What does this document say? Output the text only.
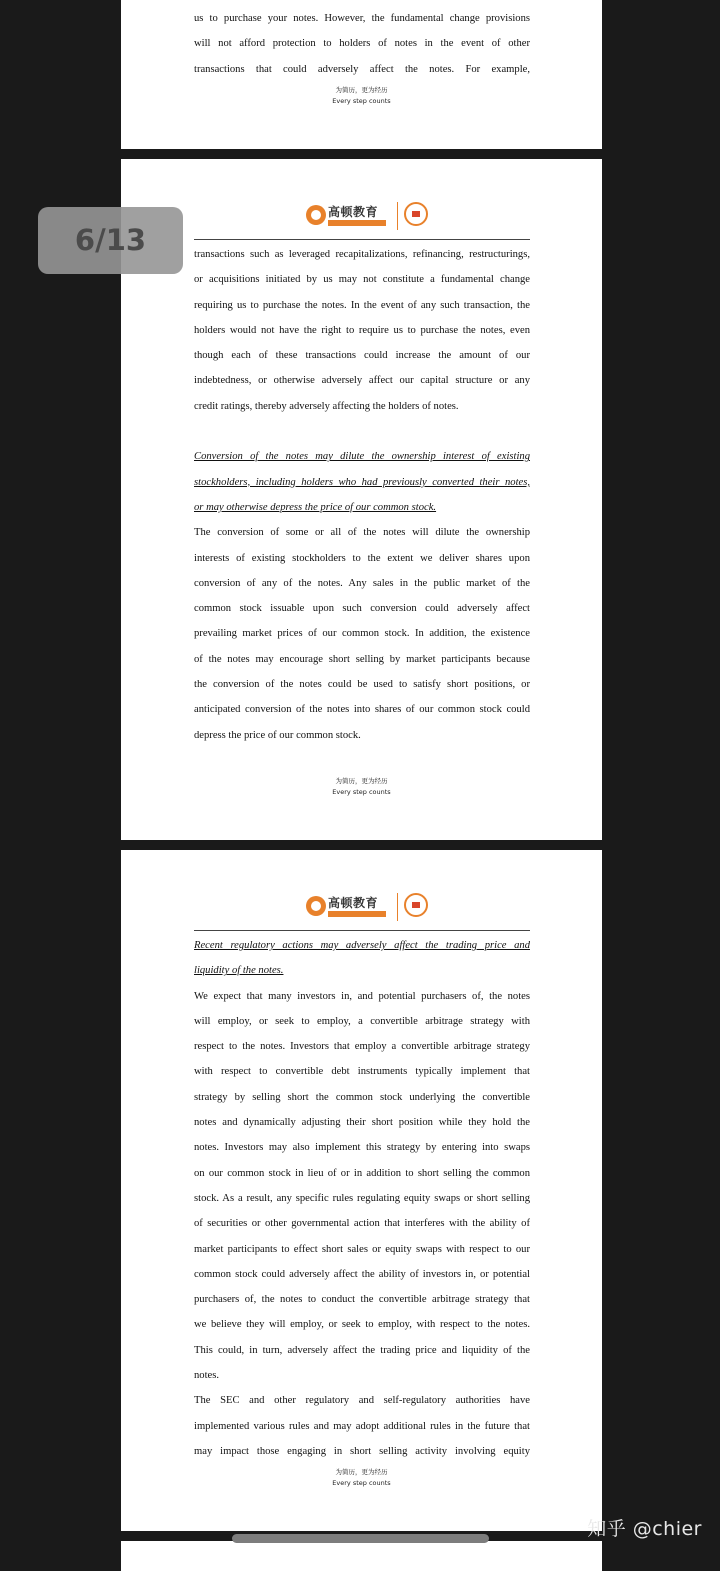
us to purchase your notes. However, the fundamental change provisions
will not afford protection to holders of notes in the event of other
transactions that could adversely affect the notes. For example,
为简历，更为经历
Every step counts
高顿教育
transactions such as leveraged recapitalizations, refinancing, restructurings,
or acquisitions initiated by us may not constitute a fundamental change
requiring us to purchase the notes. In the event of any such transaction, the
holders would not have the right to require us to purchase the notes, even
though each of these transactions could increase the amount of our
indebtedness, or otherwise adversely affect our capital structure or any
credit ratings, thereby adversely affecting the holders of notes.
Conversion of the notes may dilute the ownership interest of existing
stockholders, including holders who had previously converted their notes,
or may otherwise depress the price of our common stock.
The conversion of some or all of the notes will dilute the ownership
interests of existing stockholders to the extent we deliver shares upon
conversion of any of the notes. Any sales in the public market of the
common stock issuable upon such conversion could adversely affect
prevailing market prices of our common stock. In addition, the existence
of the notes may encourage short selling by market participants because
the conversion of the notes could be used to satisfy short positions, or
anticipated conversion of the notes into shares of our common stock could
depress the price of our common stock.
为简历，更为经历
Every step counts
高顿教育
Recent regulatory actions may adversely affect the trading price and
liquidity of the notes.
We expect that many investors in, and potential purchasers of, the notes
will employ, or seek to employ, a convertible arbitrage strategy with
respect to the notes. Investors that employ a convertible arbitrage strategy
with respect to convertible debt instruments typically implement that
strategy by selling short the common stock underlying the convertible
notes and dynamically adjusting their short position while they hold the
notes. Investors may also implement this strategy by entering into swaps
on our common stock in lieu of or in addition to short selling the common
stock. As a result, any specific rules regulating equity swaps or short selling
of securities or other governmental action that interferes with the ability of
market participants to effect short sales or equity swaps with respect to our
common stock could adversely affect the ability of investors in, or potential
purchasers of, the notes to conduct the convertible arbitrage strategy that
we believe they will employ, or seek to employ, with respect to the notes.
This could, in turn, adversely affect the trading price and liquidity of the
notes.
The SEC and other regulatory and self-regulatory authorities have
implemented various rules and may adopt additional rules in the future that
may impact those engaging in short selling activity involving equity
为简历，更为经历
Every step counts
6/13
知乎 @chier
